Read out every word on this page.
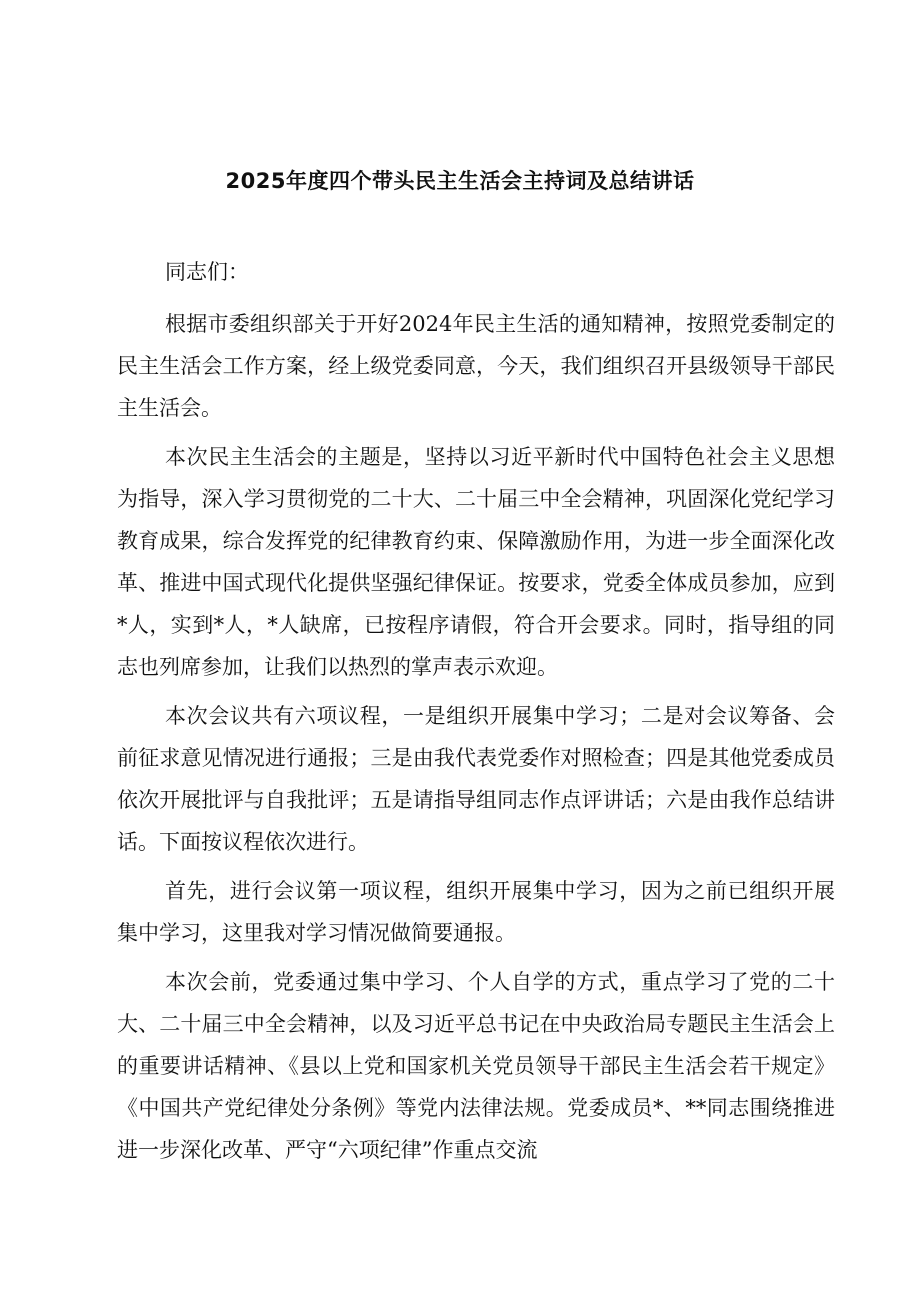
2025年度四个带头民主生活会主持词及总结讲话

同志们：

根据市委组织部关于开好2024年民主生活的通知精神，按照党委制定的民主生活会工作方案，经上级党委同意，今天，我们组织召开县级领导干部民主生活会。

本次民主生活会的主题是，坚持以习近平新时代中国特色社会主义思想为指导，深入学习贯彻党的二十大、二十届三中全会精神，巩固深化党纪学习教育成果，综合发挥党的纪律教育约束、保障激励作用，为进一步全面深化改革、推进中国式现代化提供坚强纪律保证。按要求，党委全体成员参加，应到*人，实到*人，*人缺席，已按程序请假，符合开会要求。同时，指导组的同志也列席参加，让我们以热烈的掌声表示欢迎。

本次会议共有六项议程，一是组织开展集中学习；二是对会议筹备、会前征求意见情况进行通报；三是由我代表党委作对照检查；四是其他党委成员依次开展批评与自我批评；五是请指导组同志作点评讲话；六是由我作总结讲话。下面按议程依次进行。

首先，进行会议第一项议程，组织开展集中学习，因为之前已组织开展集中学习，这里我对学习情况做简要通报。

本次会前，党委通过集中学习、个人自学的方式，重点学习了党的二十大、二十届三中全会精神，以及习近平总书记在中央政治局专题民主生活会上的重要讲话精神、《县以上党和国家机关党员领导干部民主生活会若干规定》《中国共产党纪律处分条例》等党内法律法规。党委成员*、**同志围绕推进进一步深化改革、严守“六项纪律”作重点交流
